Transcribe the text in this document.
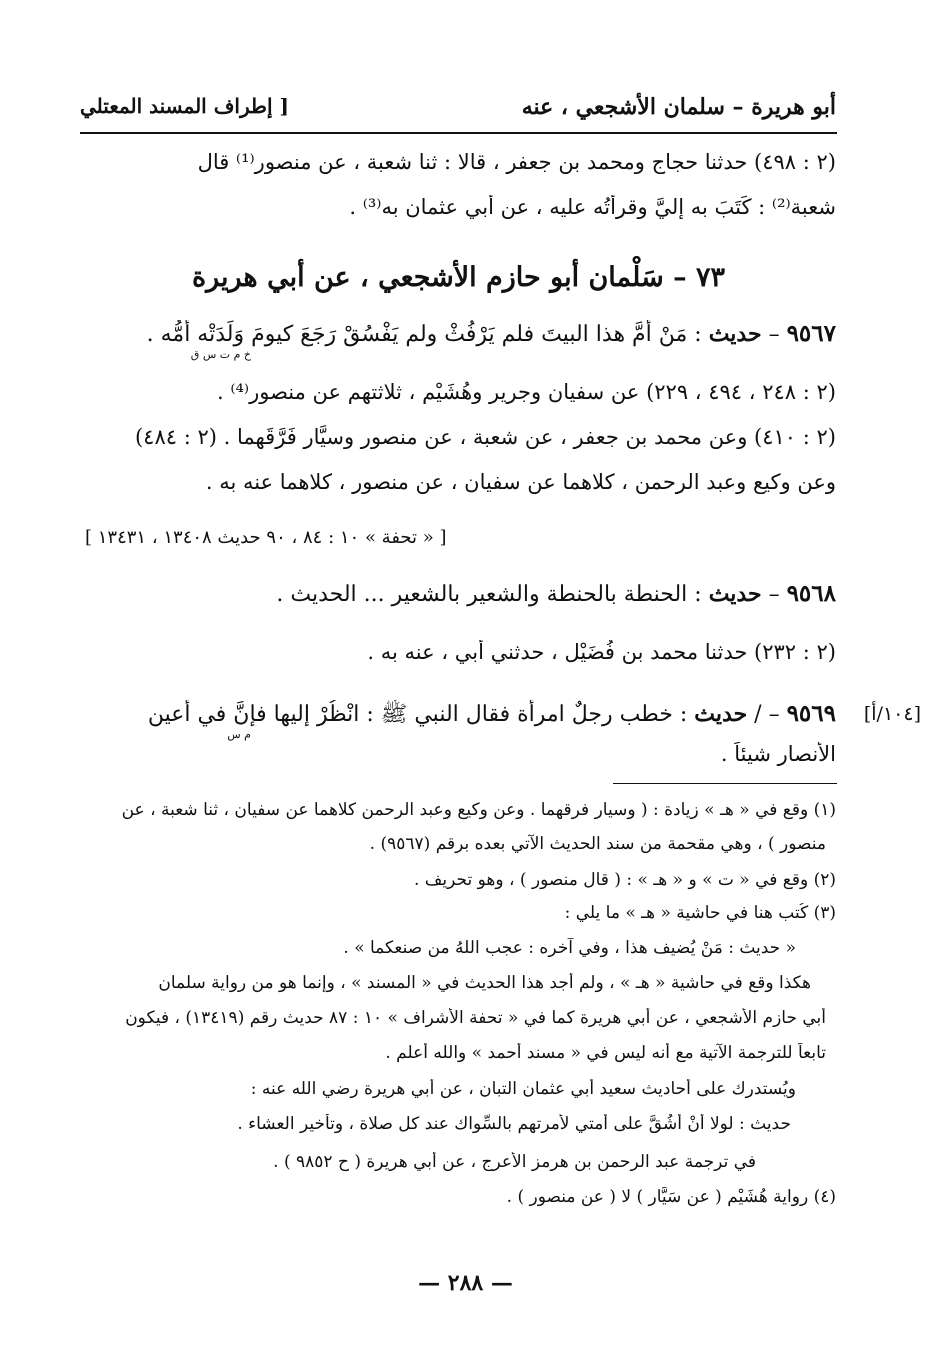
أبو هريرة – سلمان الأشجعي ، عنه
[ إطراف المسند المعتلي
(٢ : ٤٩٨) حدثنا حجاج ومحمد بن جعفر ، قالا : ثنا شعبة ، عن منصور⁽¹⁾ قال
شعبة⁽²⁾ : كَتَبَ به إليَّ وقرأتُه عليه ، عن أبي عثمان به⁽³⁾ .
٧٣ – سَلْمان أبو حازم الأشجعي ، عن أبي هريرة
٩٥٦٧ – حديث : مَنْ أَمَّ هذا البيتَ فلم يَرْفُثْ ولم يَفْسُقْ رَجَعَ كيومَ وَلَدَتْه أُمُّه .
خ م ت س ق
(٢ : ٢٤٨ ، ٤٩٤ ، ٢٢٩) عن سفيان وجرير وهُشَيْم ، ثلاثتهم عن منصور⁽⁴⁾ .
(٢ : ٤١٠) وعن محمد بن جعفر ، عن شعبة ، عن منصور وسيَّار فَرَّقَهما . (٢ : ٤٨٤)
وعن وكيع وعبد الرحمن ، كلاهما عن سفيان ، عن منصور ، كلاهما عنه به .
[ « تحفة » ١٠ : ٨٤ ، ٩٠ حديث ١٣٤٠٨ ، ١٣٤٣١ ]
٩٥٦٨ – حديث : الحنطة بالحنطة والشعير بالشعير ... الحديث .
(٢ : ٢٣٢) حدثنا محمد بن فُضَيْل ، حدثني أبي ، عنه به .
[١٠٤/أ]
٩٥٦٩ – / حديث : خطب رجلٌ امرأة فقال النبي ﷺ : انْظُرْ إليها فإنَّ في أعين
م س
الأنصار شيئاً .
(١) وقع في « هـ » زيادة : ( وسيار فرقهما . وعن وكيع وعبد الرحمن كلاهما عن سفيان ، ثنا شعبة ، عن
منصور ) ، وهي مقحمة من سند الحديث الآتي بعده برقم (٩٥٦٧) .
(٢) وقع في « ت » و « هـ » : ( قال منصور ) ، وهو تحريف .
(٣) كُتب هنا في حاشية « هـ » ما يلي :
« حديث : مَنْ يُضيف هذا ، وفي آخره : عجب اللهُ من صنعكما » .
هكذا وقع في حاشية « هـ » ، ولم أجد هذا الحديث في « المسند » ، وإنما هو من رواية سلمان
أبي حازم الأشجعي ، عن أبي هريرة كما في « تحفة الأشراف » ١٠ : ٨٧ حديث رقم (١٣٤١٩) ، فيكون
تابعاً للترجمة الآتية مع أنه ليس في « مسند أحمد » والله أعلم .
ويُستدرك على أحاديث سعيد أبي عثمان التبان ، عن أبي هريرة رضي الله عنه :
حديث : لولا أنْ أَشُقَّ على أمتي لأمرتهم بالسِّواك عند كل صلاة ، وتأخير العشاء .
في ترجمة عبد الرحمن بن هرمز الأعرج ، عن أبي هريرة ( ح ٩٨٥٢ ) .
(٤) رواية هُشَيْم ( عن سَيَّار ) لا ( عن منصور ) .
— ٢٨٨ —
